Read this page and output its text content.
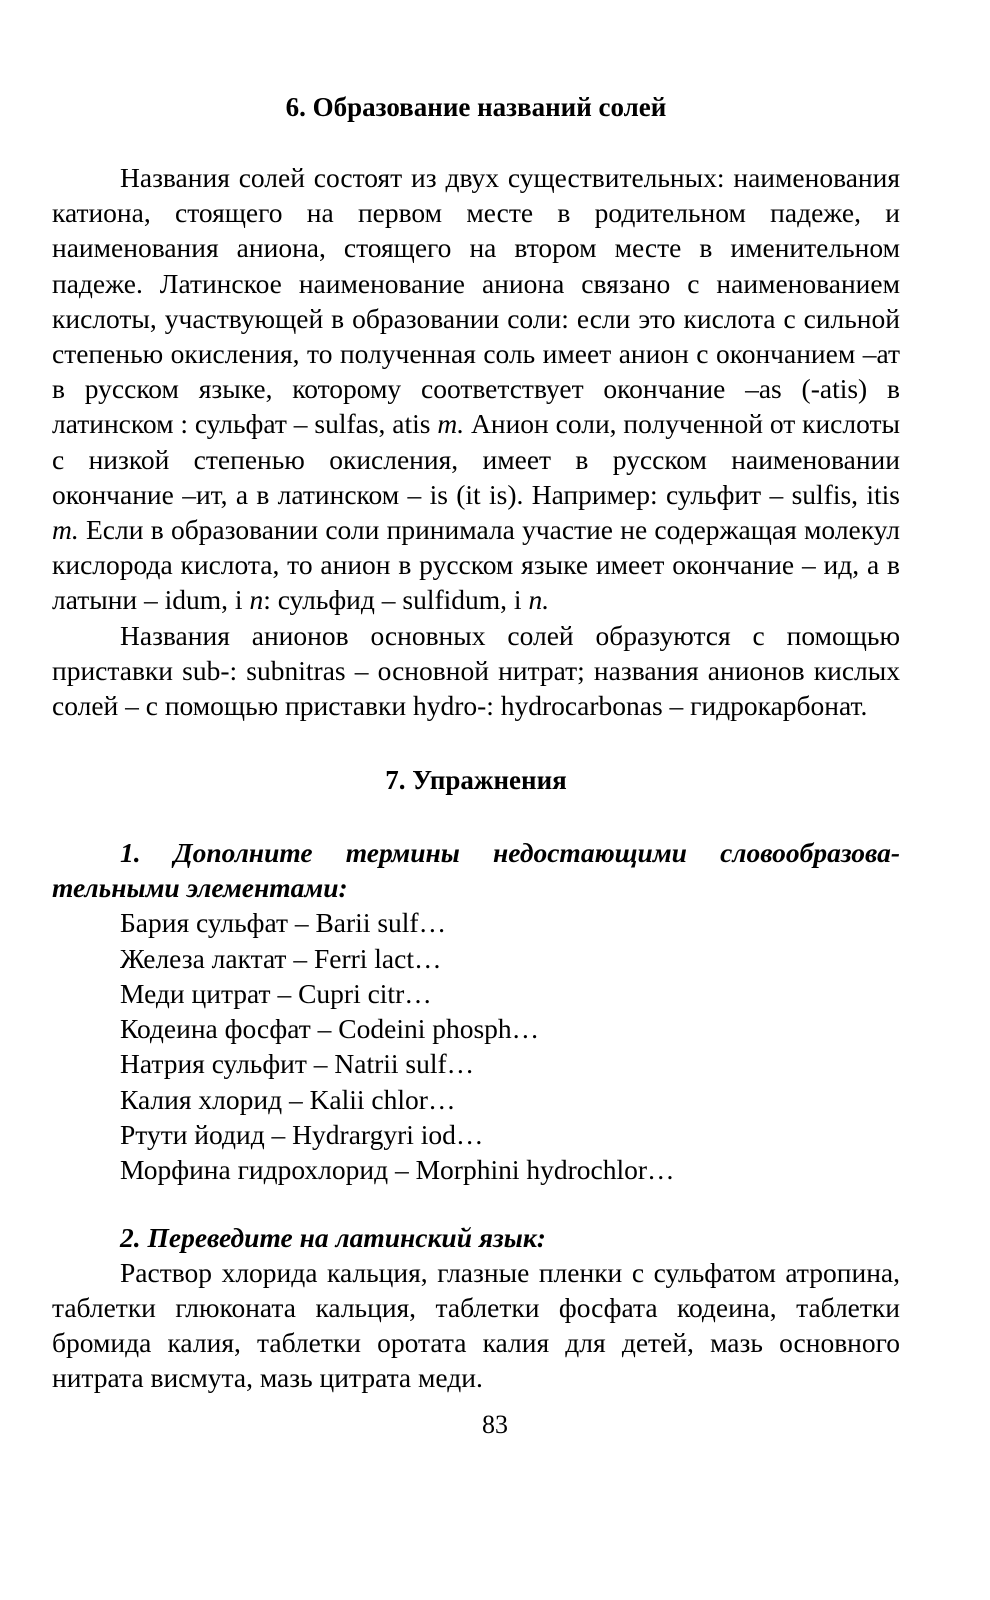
6. Образование названий солей

Названия солей состоят из двух существительных: наименования катиона, стоящего на первом месте в родительном падеже, и наименования аниона, стоящего на втором месте в именительном падеже. Латинское наименование аниона связано с наименованием кислоты, участвующей в образовании соли: если это кислота с сильной степенью окисления, то полученная соль имеет анион с окончанием –ат в русском языке, которому соответствует окончание –as (-atis) в латинском : сульфат – sulfas, atis m. Анион соли, полученной от кислоты с низкой степенью окисления, имеет в русском наименовании окончание –ит, а в латинском – is (it is). Например: сульфит – sulfis, itis m. Если в образовании соли принимала участие не содержащая молекул кислорода кислота, то анион в русском языке имеет окончание – ид, а в латыни – idum, i n: сульфид – sulfidum, i n.

Названия анионов основных солей образуются с помощью приставки sub-: subnitras – основной нитрат; названия анионов кислых солей – с помощью приставки hydro-: hydrocarbonas – гидрокарбонат.

7. Упражнения

1. Дополните термины недостающими словообразовательными элементами:

Бария сульфат – Barii sulf…
Железа лактат – Ferri lact…
Меди цитрат – Cupri citr…
Кодеина фосфат – Codeini phosph…
Натрия сульфит – Natrii sulf…
Калия хлорид – Kalii chlor…
Ртути йодид – Hydrargyri iod…
Морфина гидрохлорид – Morphini hydrochlor…

2. Переведите на латинский язык:

Раствор хлорида кальция, глазные пленки с сульфатом атропина, таблетки глюконата кальция, таблетки фосфата кодеина, таблетки бромида калия, таблетки оротата калия для детей, мазь основного нитрата висмута, мазь цитрата меди.

83
